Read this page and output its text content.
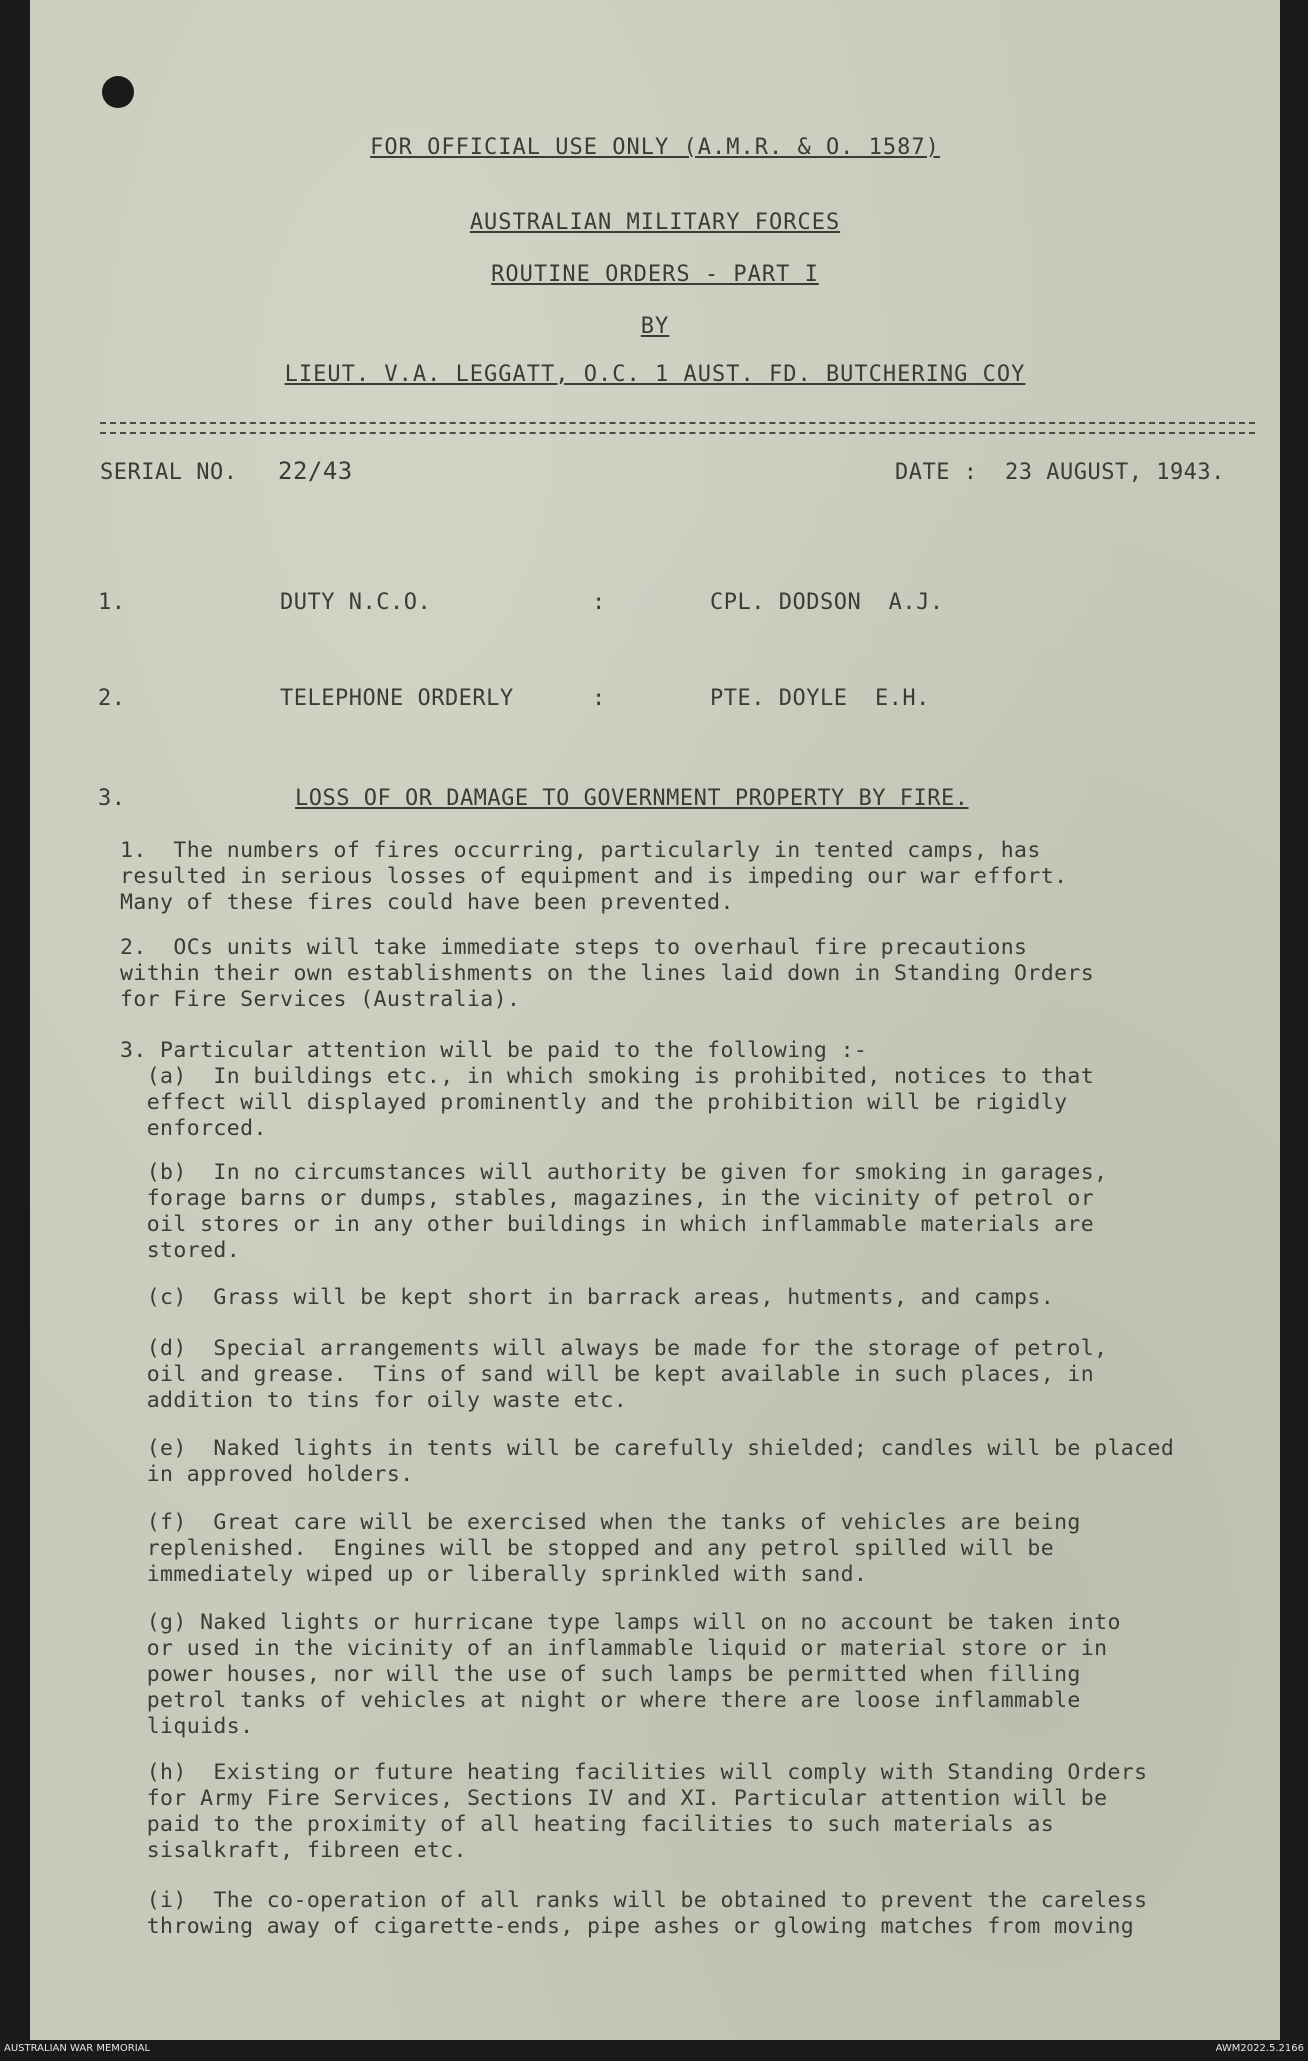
FOR OFFICIAL USE ONLY (A.M.R. & O. 1587)
AUSTRALIAN MILITARY FORCES
ROUTINE ORDERS - PART I
BY
LIEUT. V.A. LEGGATT, O.C. 1 AUST. FD. BUTCHERING COY
SERIAL NO. 22/43	DATE : 23 AUGUST, 1943.
1.	DUTY N.C.O.	:	CPL. DODSON  A.J.
2.	TELEPHONE ORDERLY	:	PTE. DOYLE  E.H.
3.	LOSS OF OR DAMAGE TO GOVERNMENT PROPERTY BY FIRE.
1.  The numbers of fires occurring, particularly in tented camps, has
resulted in serious losses of equipment and is impeding our war effort.
Many of these fires could have been prevented.
2.  OCs units will take immediate steps to overhaul fire precautions
within their own establishments on the lines laid down in Standing Orders
for Fire Services (Australia).
3. Particular attention will be paid to the following :-
(a)  In buildings etc., in which smoking is prohibited, notices to that
effect will displayed prominently and the prohibition will be rigidly
enforced.
(b)  In no circumstances will authority be given for smoking in garages,
forage barns or dumps, stables, magazines, in the vicinity of petrol or
oil stores or in any other buildings in which inflammable materials are
stored.
(c)  Grass will be kept short in barrack areas, hutments, and camps.
(d)  Special arrangements will always be made for the storage of petrol,
oil and grease.  Tins of sand will be kept available in such places, in
addition to tins for oily waste etc.
(e)  Naked lights in tents will be carefully shielded; candles will be placed
in approved holders.
(f)  Great care will be exercised when the tanks of vehicles are being
replenished.  Engines will be stopped and any petrol spilled will be
immediately wiped up or liberally sprinkled with sand.
(g) Naked lights or hurricane type lamps will on no account be taken into
or used in the vicinity of an inflammable liquid or material store or in
power houses, nor will the use of such lamps be permitted when filling
petrol tanks of vehicles at night or where there are loose inflammable
liquids.
(h)  Existing or future heating facilities will comply with Standing Orders
for Army Fire Services, Sections IV and XI. Particular attention will be
paid to the proximity of all heating facilities to such materials as
sisalkraft, fibreen etc.
(i)  The co-operation of all ranks will be obtained to prevent the careless
throwing away of cigarette-ends, pipe ashes or glowing matches from moving
AUSTRALIAN WAR MEMORIAL	AWM2022.5.2166
